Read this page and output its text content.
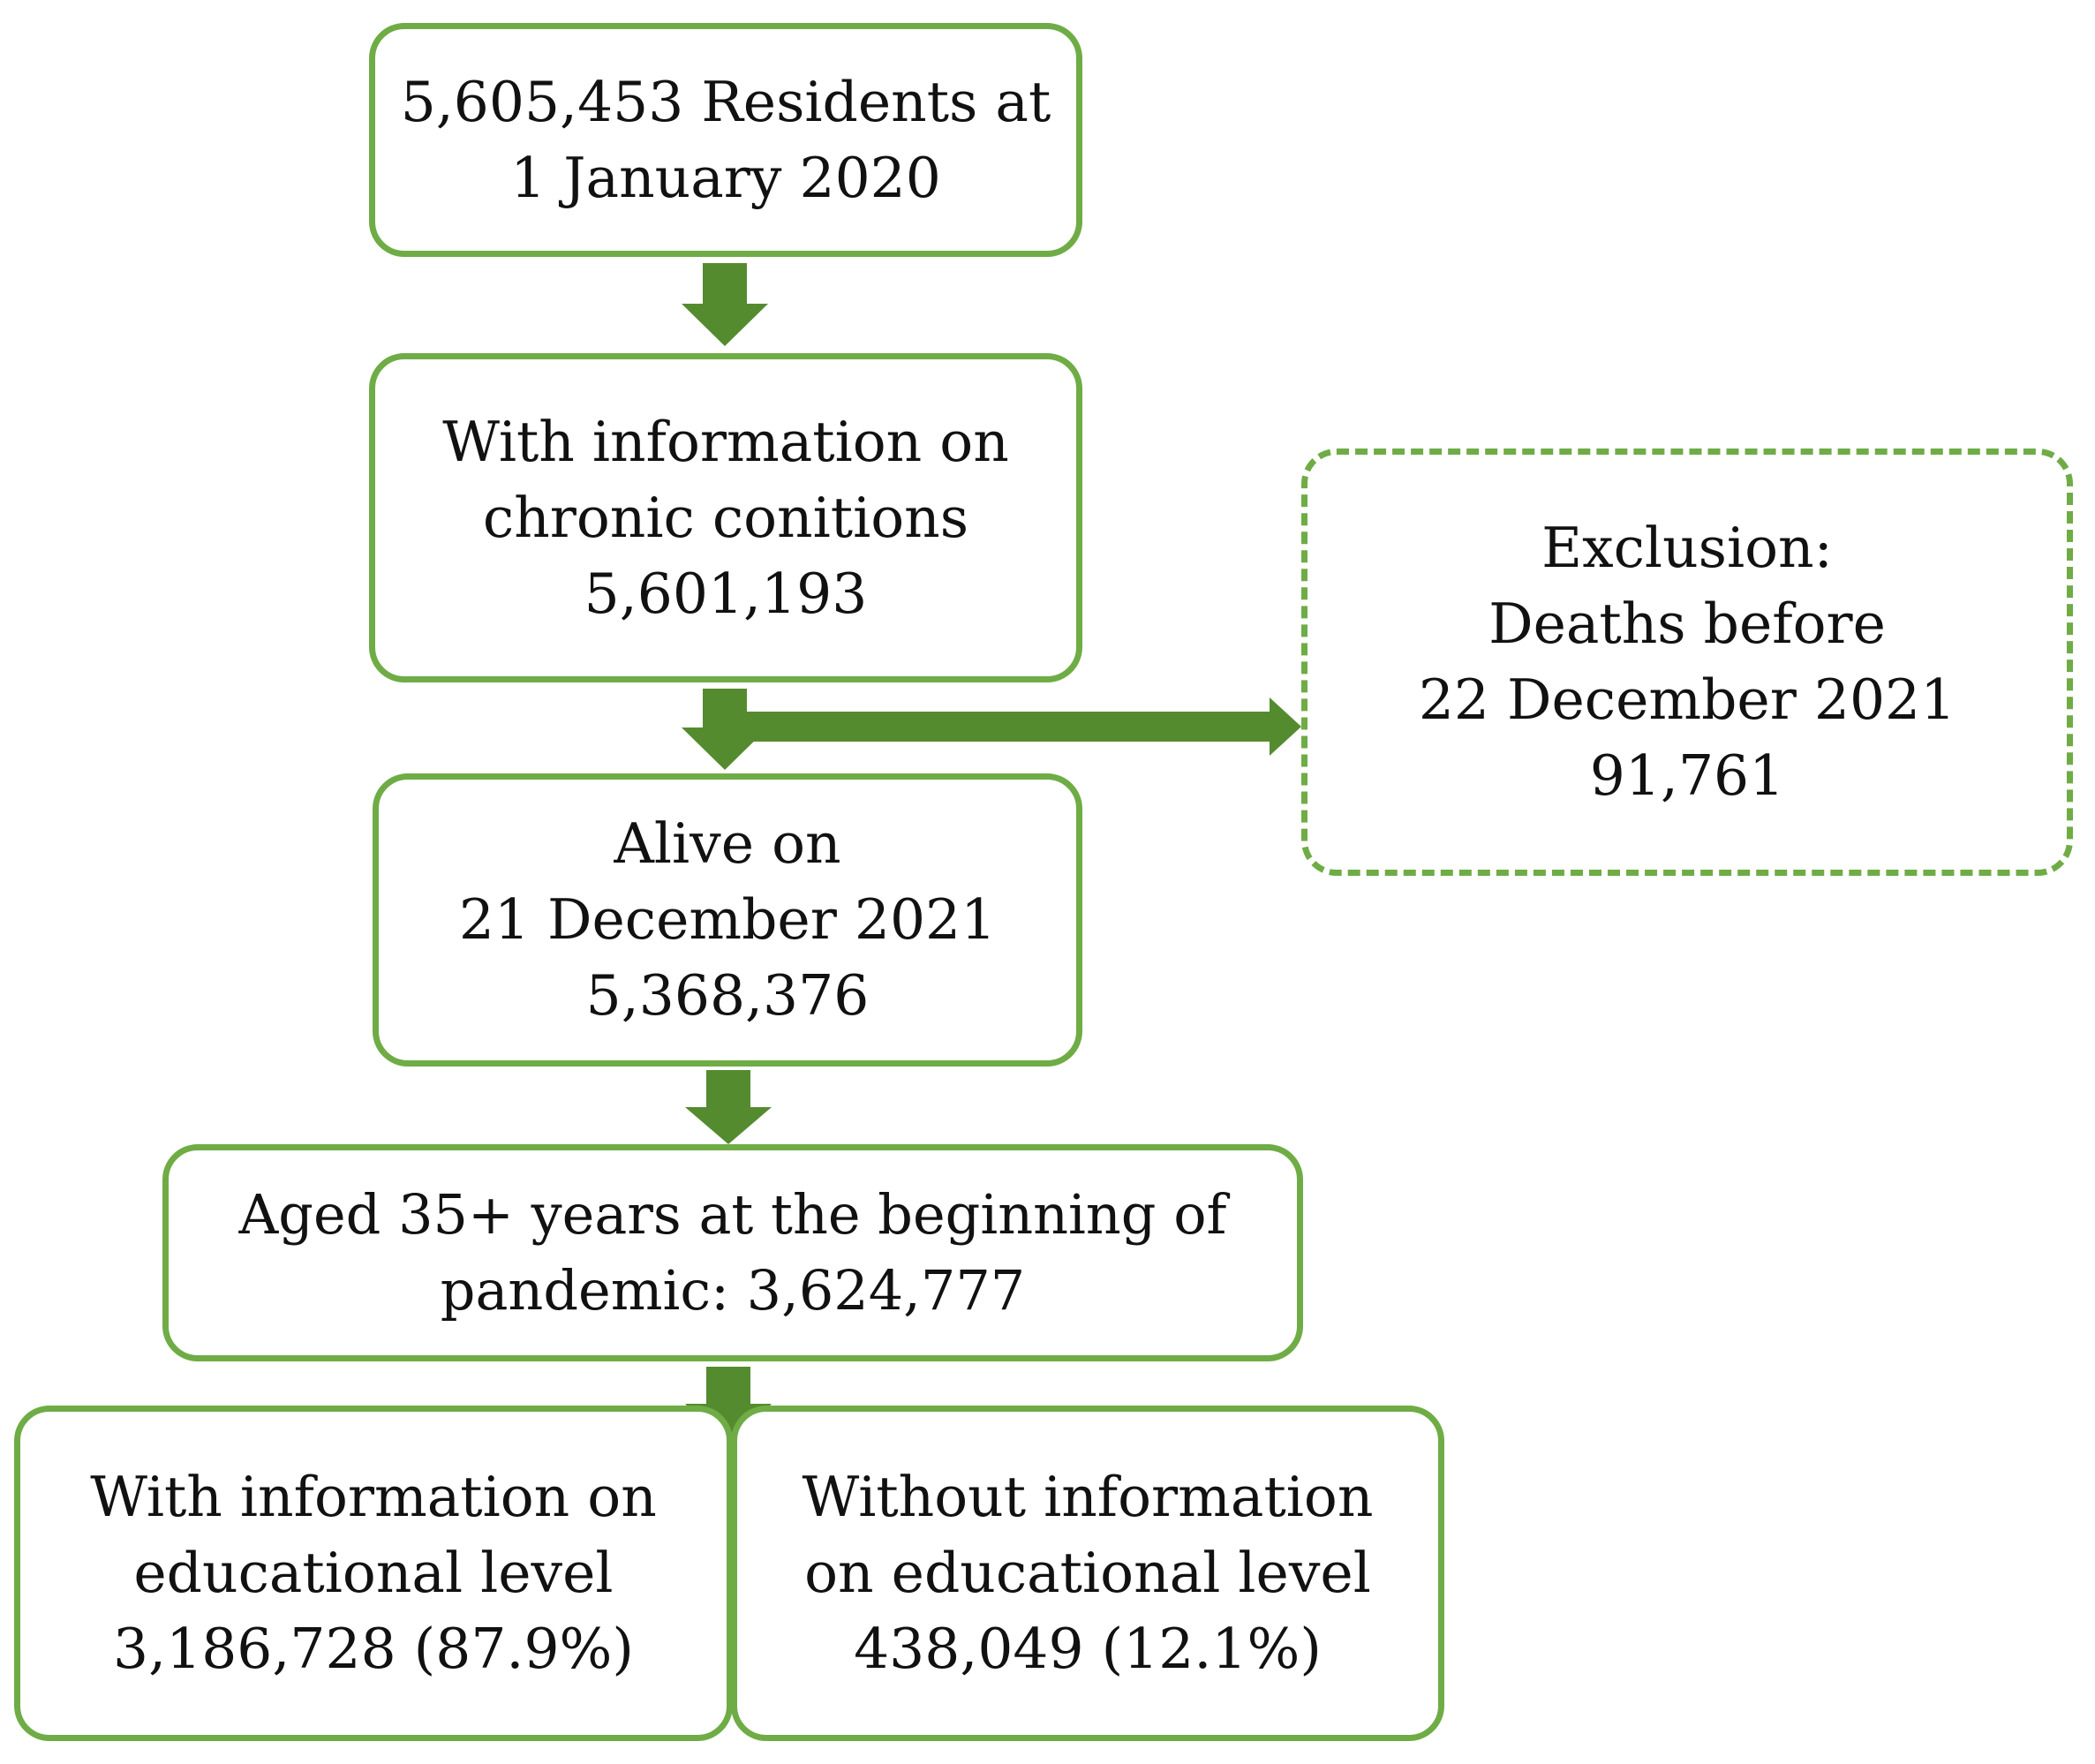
5,605,453 Residents at
1 January 2020
With information on
chronic conitions
5,601,193
Alive on
21 December 2021
5,368,376
Exclusion:
Deaths before
22 December 2021
91,761
Aged 35+ years at the beginning of
pandemic: 3,624,777
With information on
educational level
3,186,728 (87.9%)
Without information
on educational level
438,049 (12.1%)
